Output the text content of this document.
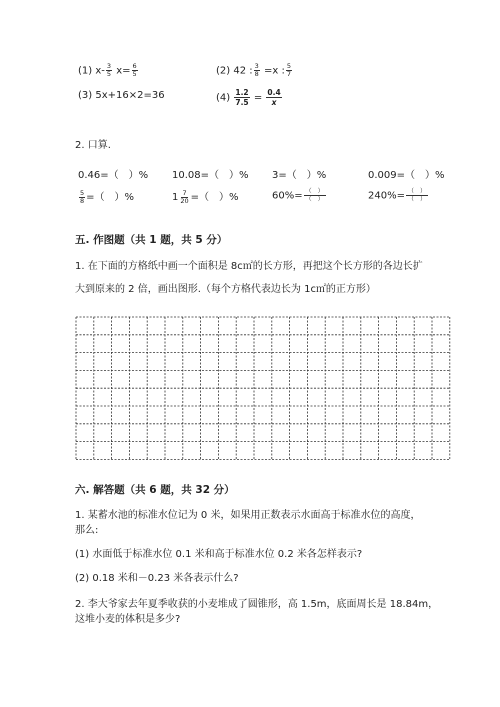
(1) $x- \frac{3}{5} x= \frac{6}{5}$	(2) 42 : $\frac{3}{8} =x$ : $\frac{5}{7}$
(3) 5x+16×2=36	$(4) \frac{1.2}{7.5} = \frac{0.4}{x}$
2. 口算.
0.46=（　）% 10.08=（　）% 3=（　）%	0.009=（　）%
$\frac{5}{8}$ =（　）%	$1 \frac{7}{20}$ =（　）%	$60\%= \frac{( )}{( )}$	$240\%= \frac{( )}{( )}$
五. 作图题（共 1 题，共 5 分）
1. 在下面的方格纸中画一个面积是 8c㎡的长方形，再把这个长方形的各边长扩
大到原来的 2 倍，画出图形.（每个方格代表边长为 1c㎡的正方形）
六. 解答题（共 6 题，共 32 分）
1. 某蓄水池的标准水位记为 0 米，如果用正数表示水面高于标准水位的高度，
那么:
(1) 水面低于标准水位 0.1 米和高于标准水位 0.2 米各怎样表示?
(2) 0.18 米和－0.23 米各表示什么?
2. 李大爷家去年夏季收获的小麦堆成了圆锥形，高 1.5m，底面周长是 18.84m，
这堆小麦的体积是多少?
